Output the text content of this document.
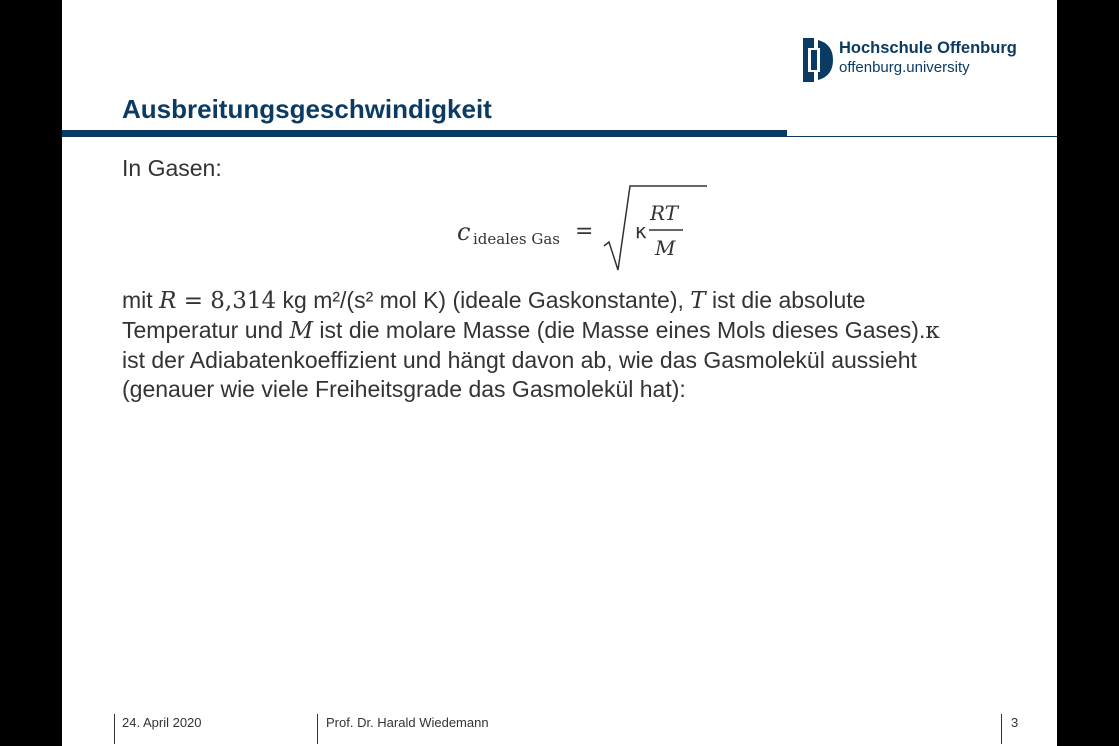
Hochschule Offenburg
offenburg.university
Ausbreitungsgeschwindigkeit
In Gasen:
c ideales Gas = κ
RT
M

mit R = 8,314 kg m²/(s² mol K) (ideale Gaskonstante), T ist die absolute

Temperatur und M ist die molare Masse (die Masse eines Mols dieses Gases).κ

ist der Adiabatenkoeffizient und hängt davon ab, wie das Gasmolekül aussieht

(genauer wie viele Freiheitsgrade das Gasmolekül hat):

24. April 2020	Prof. Dr. Harald Wiedemann	3
